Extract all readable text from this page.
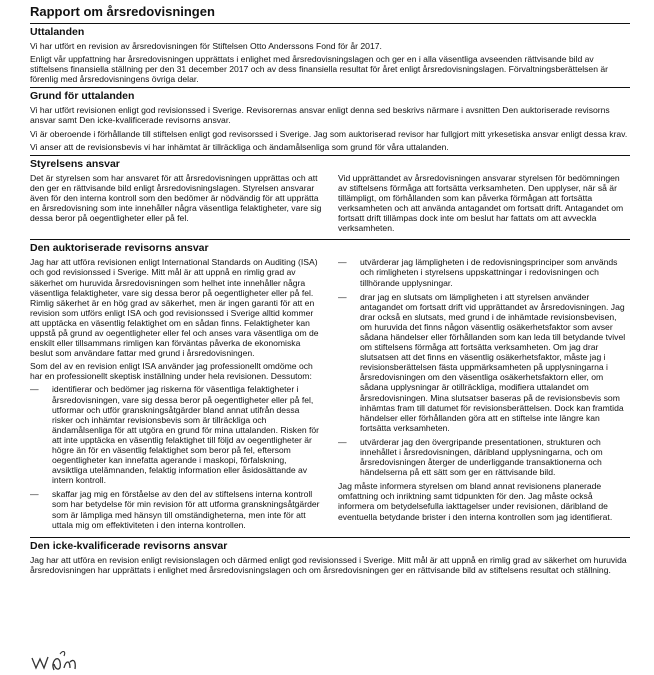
Rapport om årsredovisningen
Uttalanden

Vi har utfört en revision av årsredovisningen för Stiftelsen Otto Anderssons Fond för år 2017.

Enligt vår uppfattning har årsredovisningen upprättats i enlighet med årsredovisningslagen och ger en i alla väsentliga avseenden rättvisande bild av stiftelsens finansiella ställning per den 31 december 2017 och av dess finansiella resultat för året enligt årsredovisningslagen. Förvaltningsberättelsen är förenlig med årsredovisningens övriga delar.

Grund för uttalanden

Vi har utfört revisionen enligt god revisionssed i Sverige. Revisorernas ansvar enligt denna sed beskrivs närmare i avsnitten Den auktoriserade revisorns ansvar samt Den icke-kvalificerade revisorns ansvar.

Vi är oberoende i förhållande till stiftelsen enligt god revisorssed i Sverige. Jag som auktoriserad revisor har fullgjort mitt yrkesetiska ansvar enligt dessa krav.

Vi anser att de revisionsbevis vi har inhämtat är tillräckliga och ändamålsenliga som grund för våra uttalanden.

Styrelsens ansvar

Det är styrelsen som har ansvaret för att årsredovisningen upprättas och att den ger en rättvisande bild enligt årsredovisningslagen. Styrelsen ansvarar även för den interna kontroll som den bedömer är nödvändig för att upprätta en årsredovisning som inte innehåller några väsentliga felaktigheter, vare sig dessa beror på oegentligheter eller på fel.

Vid upprättandet av årsredovisningen ansvarar styrelsen för bedömningen av stiftelsens förmåga att fortsätta verksamheten. Den upplyser, när så är tillämpligt, om förhållanden som kan påverka förmågan att fortsätta verksamheten och att använda antagandet om fortsatt drift. Antagandet om fortsatt drift tillämpas dock inte om beslut har fattats om att avveckla verksamheten.

Den auktoriserade revisorns ansvar

Jag har att utföra revisionen enligt International Standards on Auditing (ISA) och god revisionssed i Sverige. Mitt mål är att uppnå en rimlig grad av säkerhet om huruvida årsredovisningen som helhet inte innehåller några väsentliga felaktigheter, vare sig dessa beror på oegentligheter eller på fel. Rimlig säkerhet är en hög grad av säkerhet, men är ingen garanti för att en revision som utförs enligt ISA och god revisionssed i Sverige alltid kommer att upptäcka en väsentlig felaktighet om en sådan finns. Felaktigheter kan uppstå på grund av oegentligheter eller fel och anses vara väsentliga om de enskilt eller tillsammans rimligen kan förväntas påverka de ekonomiska beslut som användare fattar med grund i årsredovisningen.

Som del av en revision enligt ISA använder jag professionellt omdöme och har en professionellt skeptisk inställning under hela revisionen. Dessutom:

—	identifierar och bedömer jag riskerna för väsentliga felaktigheter i årsredovisningen, vare sig dessa beror på oegentligheter eller på fel, utformar och utför granskningsåtgärder bland annat utifrån dessa risker och inhämtar revisionsbevis som är tillräckliga och ändamålsenliga för att utgöra en grund för mina uttalanden. Risken för att inte upptäcka en väsentlig felaktighet till följd av oegentligheter är högre än för en väsentlig felaktighet som beror på fel, eftersom oegentligheter kan innefatta agerande i maskopi, förfalskning, avsiktliga utelämnanden, felaktig information eller åsidosättande av intern kontroll.
—	skaffar jag mig en förståelse av den del av stiftelsens interna kontroll som har betydelse för min revision för att utforma granskningsåtgärder som är lämpliga med hänsyn till omständigheterna, men inte för att uttala mig om effektiviteten i den interna kontrollen.
—	utvärderar jag lämpligheten i de redovisningsprinciper som används och rimligheten i styrelsens uppskattningar i redovisningen och tillhörande upplysningar.
—	drar jag en slutsats om lämpligheten i att styrelsen använder antagandet om fortsatt drift vid upprättandet av årsredovisningen. Jag drar också en slutsats, med grund i de inhämtade revisionsbevisen, om huruvida det finns någon väsentlig osäkerhetsfaktor som avser sådana händelser eller förhållanden som kan leda till betydande tvivel om stiftelsens förmåga att fortsätta verksamheten. Om jag drar slutsatsen att det finns en väsentlig osäkerhetsfaktor, måste jag i revisionsberättelsen fästa uppmärksamheten på upplysningarna i årsredovisningen om den väsentliga osäkerhetsfaktorn eller, om sådana upplysningar är otillräckliga, modifiera uttalandet om årsredovisningen. Mina slutsatser baseras på de revisionsbevis som inhämtas fram till datumet för revisionsberättelsen. Dock kan framtida händelser eller förhållanden göra att en stiftelse inte längre kan fortsätta verksamheten.
—	utvärderar jag den övergripande presentationen, strukturen och innehållet i årsredovisningen, däribland upplysningarna, och om årsredovisningen återger de underliggande transaktionerna och händelserna på ett sätt som ger en rättvisande bild.

Jag måste informera styrelsen om bland annat revisionens planerade omfattning och inriktning samt tidpunkten för den. Jag måste också informera om betydelsefulla iakttagelser under revisionen, däribland de eventuella betydande brister i den interna kontrollen som jag identifierat.

Den icke-kvalificerade revisorns ansvar

Jag har att utföra en revision enligt revisionslagen och därmed enligt god revisionssed i Sverige. Mitt mål är att uppnå en rimlig grad av säkerhet om huruvida årsredovisningen har upprättats i enlighet med årsredovisningslagen och om årsredovisningen ger en rättvisande bild av stiftelsens resultat och ställning.
